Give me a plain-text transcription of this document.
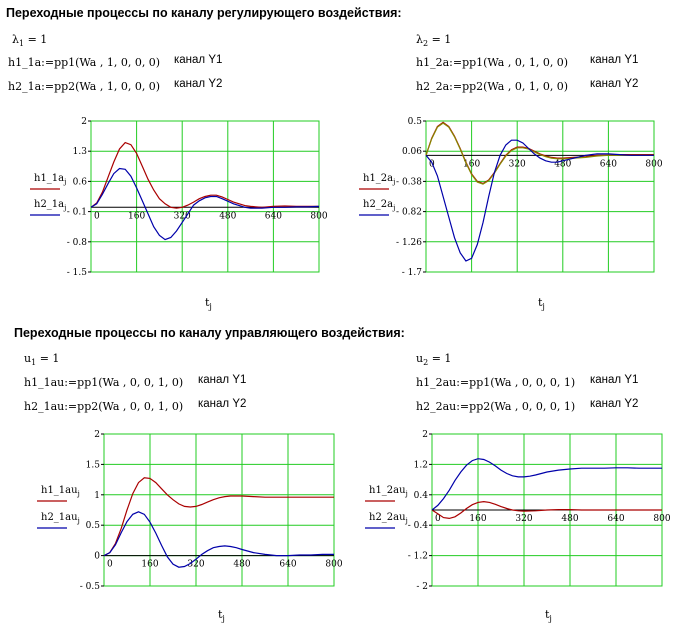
Переходные процессы по каналу регулирующего воздействия:
Переходные процессы по каналу управляющего воздействия:
$\lambda_1 = 1$
h1_1a:=pp1(Wa , 1, 0, 0, 0) канал Y1
h2_1a:=pp2(Wa , 1, 0, 0, 0) канал Y2
$\lambda_2 = 1$
h1_2a:=pp1(Wa , 0, 1, 0, 0) канал Y1
h2_2a:=pp2(Wa , 0, 1, 0, 0) канал Y2
$u_1 = 1$
h1_1au:=pp1(Wa , 0, 0, 1, 0) канал Y1
h2_1au:=pp2(Wa , 0, 0, 1, 0) канал Y2
$u_2 = 1$
h1_2au:=pp1(Wa , 0, 0, 0, 1) канал Y1
h2_2au:=pp2(Wa , 0, 0, 0, 1) канал Y2
2
1.3
0.6
- 0.1
- 0.8
- 1.5
0	160	320	480	640	800
$h1\_1a_j$
$h2\_1a_j$
$t_j$
0.5
0.06
- 0.38
- 0.82
- 1.26
- 1.7
0	160	320	480	640	800
$h1\_2a_j$
$h2\_2a_j$
$t_j$
2
1.5
1
0.5
0
- 0.5
0	160	320	480	640	800
$h1\_1au_j$
$h2\_1au_j$
$t_j$
2
1.2
0.4
- 0.4
- 1.2
- 2
0	160	320	480	640	800
$h1\_2au_j$
$h2\_2au_j$
$t_j$
